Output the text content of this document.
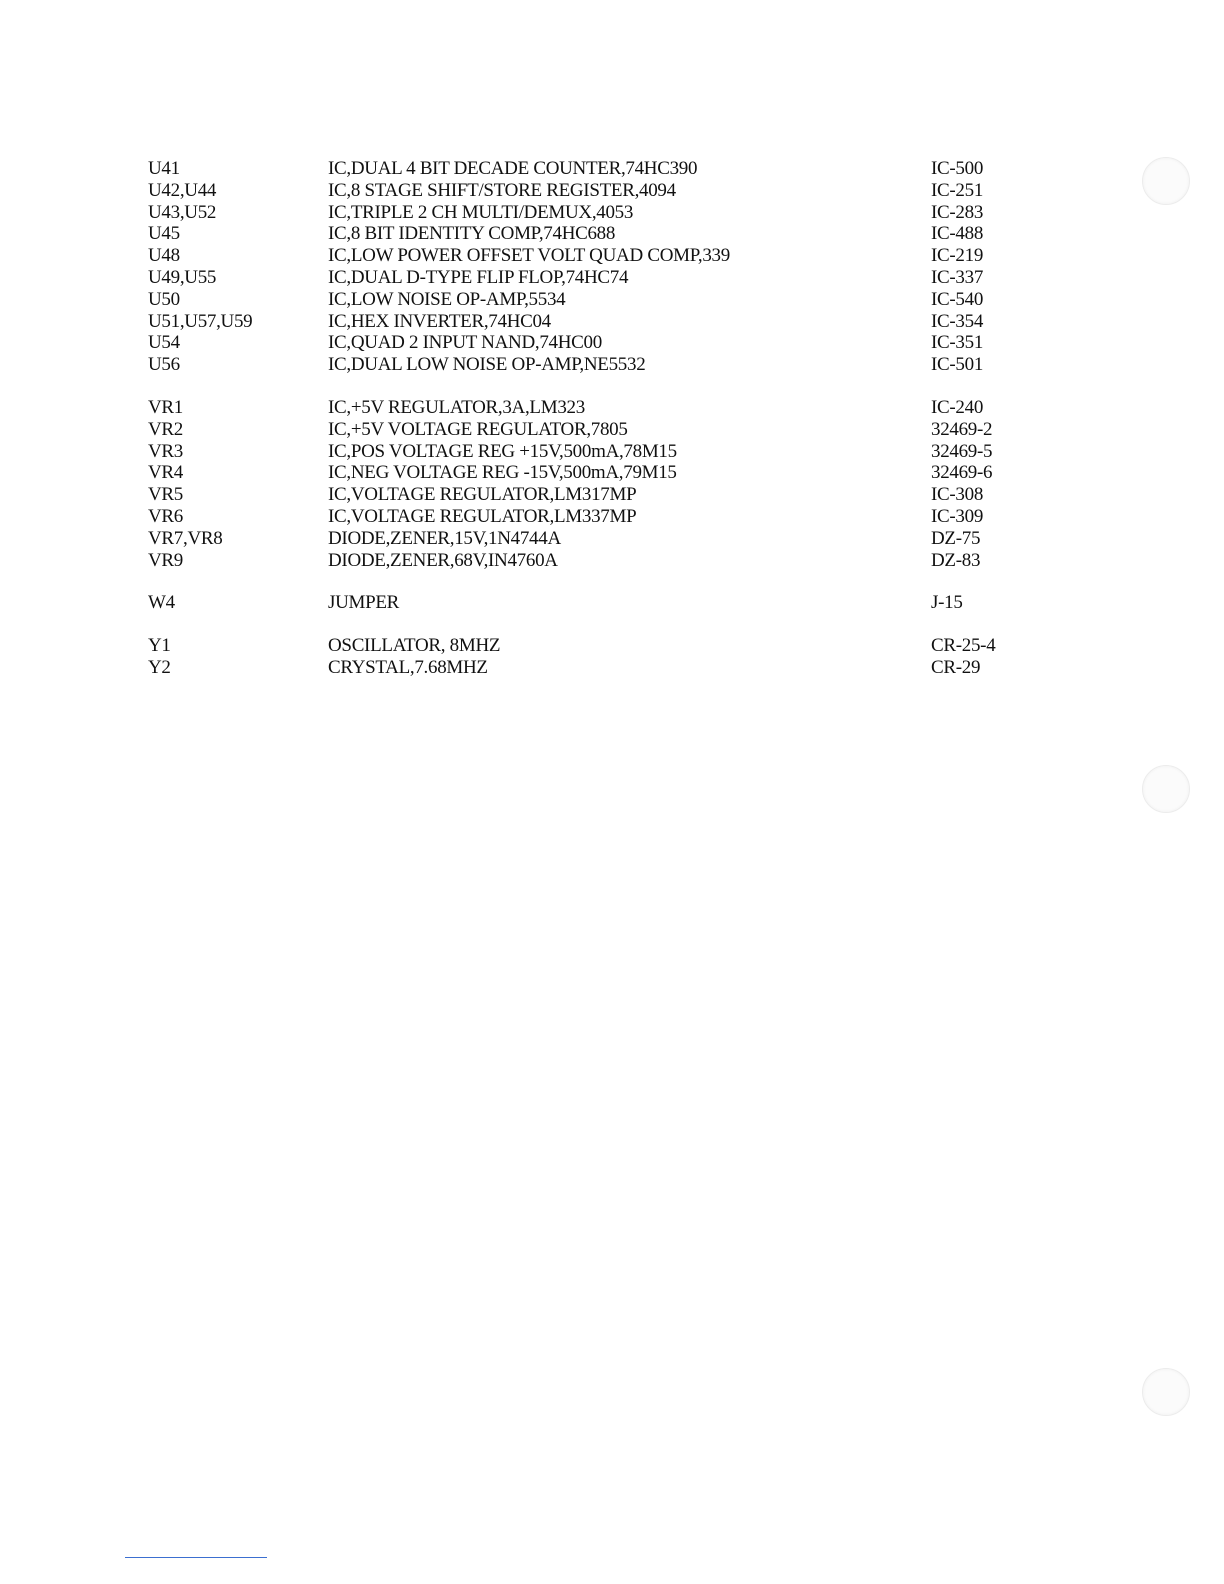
U41	IC,DUAL 4 BIT DECADE COUNTER,74HC390	IC-500
U42,U44	IC,8 STAGE SHIFT/STORE REGISTER,4094	IC-251
U43,U52	IC,TRIPLE 2 CH MULTI/DEMUX,4053	IC-283
U45	IC,8 BIT IDENTITY COMP,74HC688	IC-488
U48	IC,LOW POWER OFFSET VOLT QUAD COMP,339	IC-219
U49,U55	IC,DUAL D-TYPE FLIP FLOP,74HC74	IC-337
U50	IC,LOW NOISE OP-AMP,5534	IC-540
U51,U57,U59	IC,HEX INVERTER,74HC04	IC-354
U54	IC,QUAD 2 INPUT NAND,74HC00	IC-351
U56	IC,DUAL LOW NOISE OP-AMP,NE5532	IC-501
VR1	IC,+5V REGULATOR,3A,LM323	IC-240
VR2	IC,+5V VOLTAGE REGULATOR,7805	32469-2
VR3	IC,POS VOLTAGE REG +15V,500mA,78M15	32469-5
VR4	IC,NEG VOLTAGE REG -15V,500mA,79M15	32469-6
VR5	IC,VOLTAGE REGULATOR,LM317MP	IC-308
VR6	IC,VOLTAGE REGULATOR,LM337MP	IC-309
VR7,VR8	DIODE,ZENER,15V,1N4744A	DZ-75
VR9	DIODE,ZENER,68V,IN4760A	DZ-83
W4	JUMPER	J-15
Y1	OSCILLATOR, 8MHZ	CR-25-4
Y2	CRYSTAL,7.68MHZ	CR-29
